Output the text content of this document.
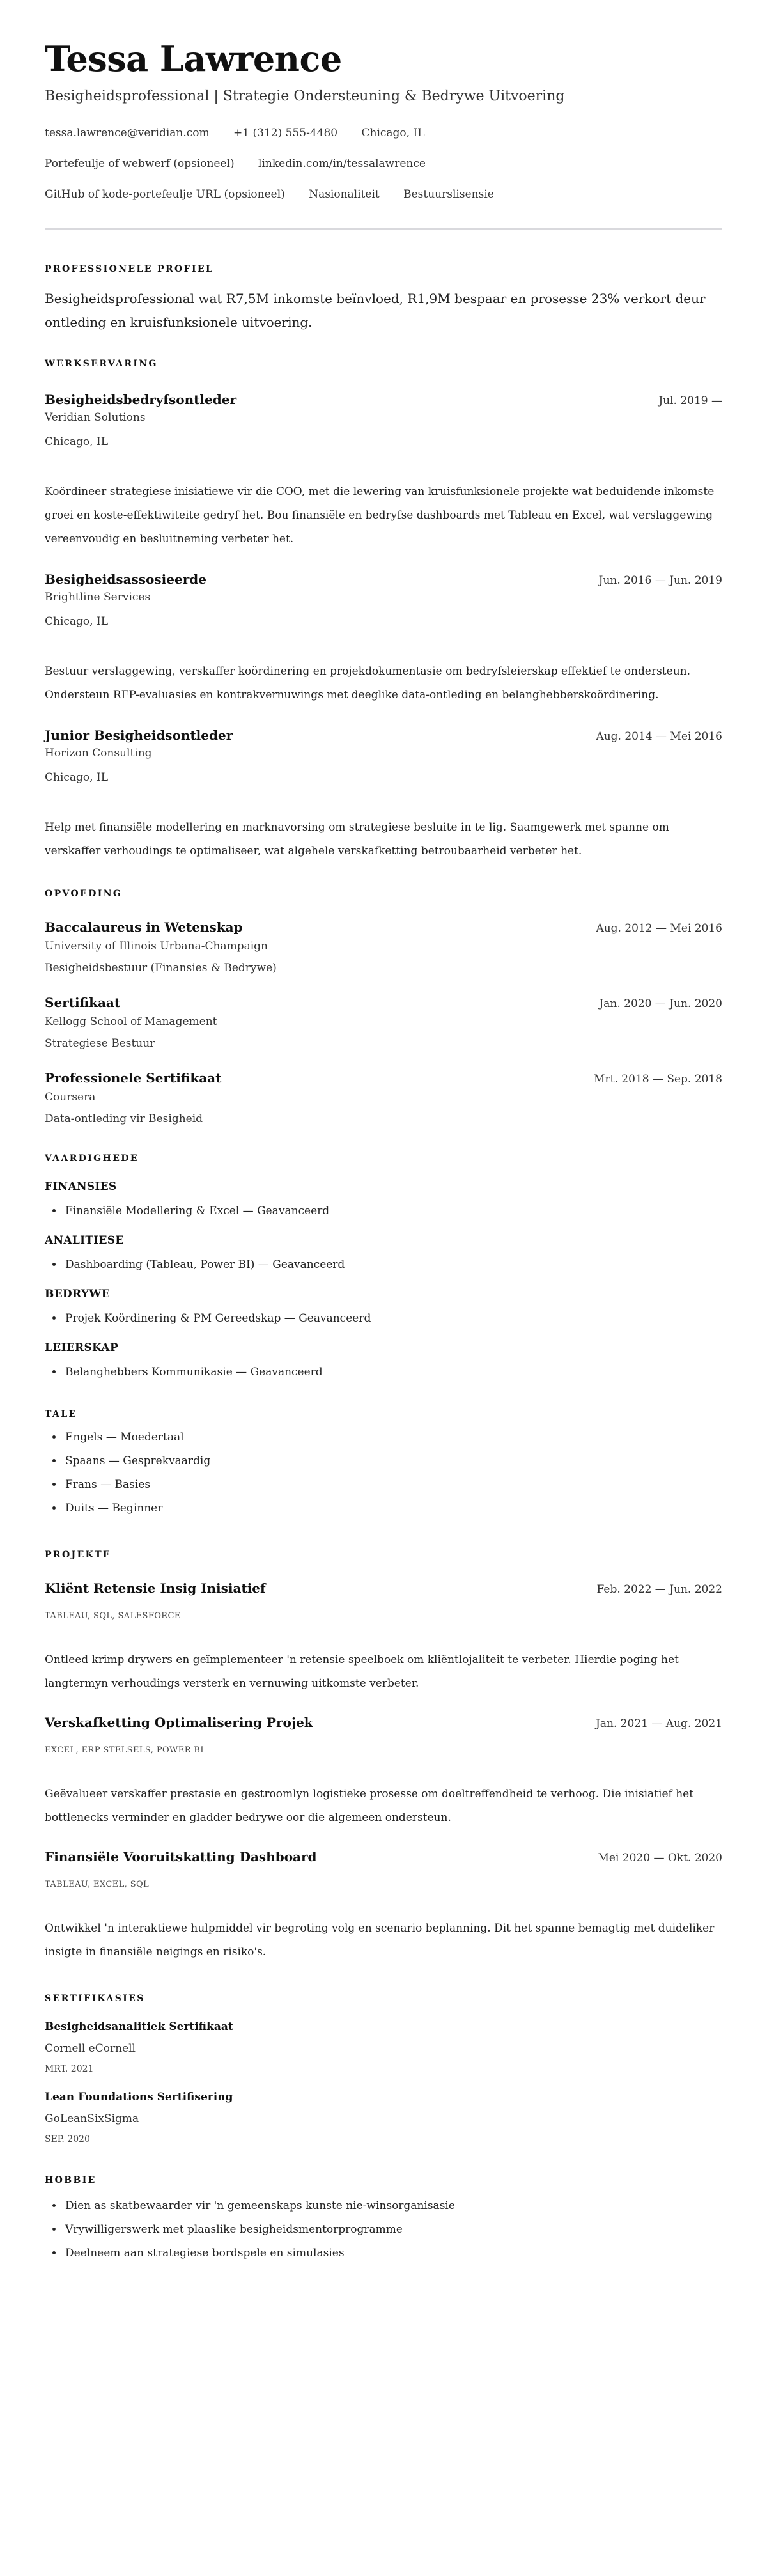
Tessa Lawrence
Besigheidsprofessional | Strategie Ondersteuning & Bedrywe Uitvoering
tessa.lawrence@veridian.com +1 (312) 555-4480 Chicago, IL
Portefeulje of webwerf (opsioneel) linkedin.com/in/tessalawrence
GitHub of kode-portefeulje URL (opsioneel) Nasionaliteit Bestuurslisensie
PROFESSIONELE PROFIEL

Besigheidsprofessional wat R7,5M inkomste beïnvloed, R1,9M bespaar en prosesse 23% verkort deur ontleding en kruisfunksionele uitvoering.

WERKSERVARING
Besigheidsbedryfsontleder	Jul. 2019 —
Veridian Solutions
Chicago, IL
Koördineer strategiese inisiatiewe vir die COO, met die lewering van kruisfunksionele projekte wat beduidende inkomste groei en koste-effektiwiteite gedryf het. Bou finansiële en bedryfse dashboards met Tableau en Excel, wat verslaggewing vereenvoudig en besluitneming verbeter het.
Besigheidsassosieerde	Jun. 2016 — Jun. 2019
Brightline Services
Chicago, IL
Bestuur verslaggewing, verskaffer koördinering en projekdokumentasie om bedryfsleierskap effektief te ondersteun. Ondersteun RFP-evaluasies en kontrakvernuwings met deeglike data-ontleding en belanghebberskoördinering.
Junior Besigheidsontleder	Aug. 2014 — Mei 2016
Horizon Consulting
Chicago, IL
Help met finansiële modellering en marknavorsing om strategiese besluite in te lig. Saamgewerk met spanne om verskaffer verhoudings te optimaliseer, wat algehele verskafketting betroubaarheid verbeter het.
OPVOEDING
Baccalaureus in Wetenskap	Aug. 2012 — Mei 2016
University of Illinois Urbana-Champaign
Besigheidsbestuur (Finansies & Bedrywe)
Sertifikaat	Jan. 2020 — Jun. 2020
Kellogg School of Management
Strategiese Bestuur
Professionele Sertifikaat	Mrt. 2018 — Sep. 2018
Coursera
Data-ontleding vir Besigheid
VAARDIGHEDE
FINANSIES
• Finansiële Modellering & Excel — Geavanceerd
ANALITIESE
• Dashboarding (Tableau, Power BI) — Geavanceerd
BEDRYWE
• Projek Koördinering & PM Gereedskap — Geavanceerd
LEIERSKAP
• Belanghebbers Kommunikasie — Geavanceerd
TALE
• Engels — Moedertaal
• Spaans — Gesprekvaardig
• Frans — Basies
• Duits — Beginner
PROJEKTE
Kliënt Retensie Insig Inisiatief	Feb. 2022 — Jun. 2022
TABLEAU, SQL, SALESFORCE
Ontleed krimp drywers en geïmplementeer 'n retensie speelboek om kliëntlojaliteit te verbeter. Hierdie poging het langtermyn verhoudings versterk en vernuwing uitkomste verbeter.
Verskafketting Optimalisering Projek	Jan. 2021 — Aug. 2021
EXCEL, ERP STELSELS, POWER BI
Geëvalueer verskaffer prestasie en gestroomlyn logistieke prosesse om doeltreffendheid te verhoog. Die inisiatief het bottlenecks verminder en gladder bedrywe oor die algemeen ondersteun.
Finansiële Vooruitskatting Dashboard	Mei 2020 — Okt. 2020
TABLEAU, EXCEL, SQL
Ontwikkel 'n interaktiewe hulpmiddel vir begroting volg en scenario beplanning. Dit het spanne bemagtig met duideliker insigte in finansiële neigings en risiko's.
SERTIFIKASIES
Besigheidsanalitiek Sertifikaat
Cornell eCornell
MRT. 2021
Lean Foundations Sertifisering
GoLeanSixSigma
SEP. 2020
HOBBIE
• Dien as skatbewaarder vir 'n gemeenskaps kunste nie-winsorganisasie
• Vrywilligerswerk met plaaslike besigheidsmentorprogramme
• Deelneem aan strategiese bordspele en simulasies
